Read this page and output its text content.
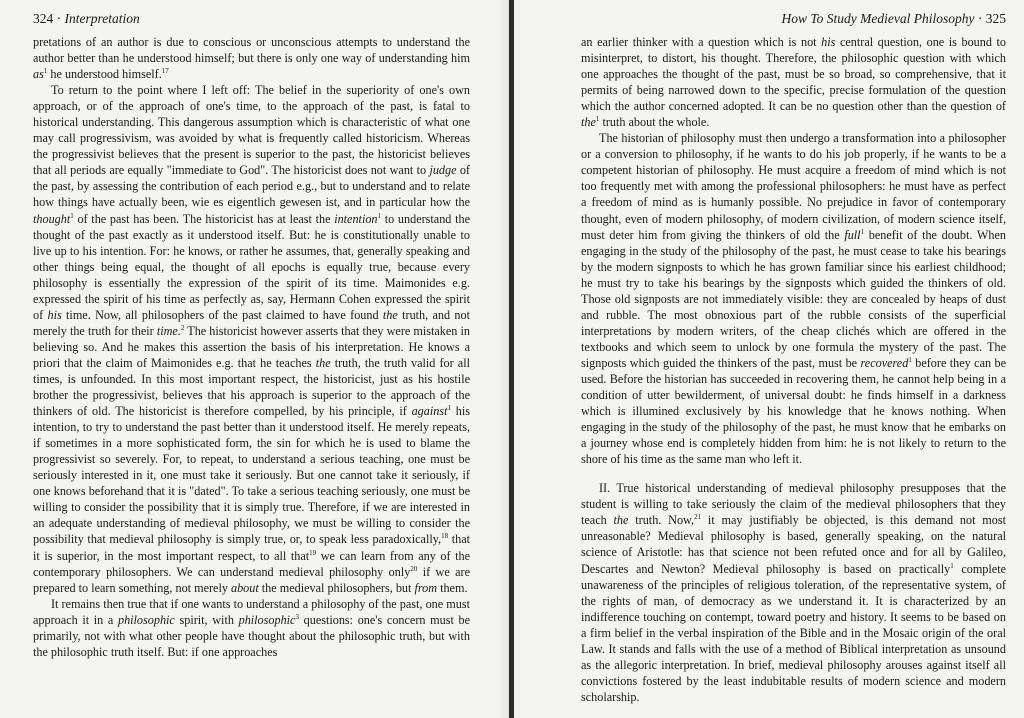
324 · Interpretation

pretations of an author is due to conscious or unconscious attempts to understand the author better than he understood himself; but there is only one way of understanding him $as^1$ he understood himself.$^{17}$

To return to the point where I left off: The belief in the superiority of one's own approach, or of the approach of one's time, to the approach of the past, is fatal to historical understanding. This dangerous assumption which is characteristic of what one may call progressivism, was avoided by what is frequently called historicism. Whereas the progressivist believes that the present is superior to the past, the historicist believes that all periods are equally "immediate to God". The historicist does not want to judge of the past, by assessing the contribution of each period e.g., but to understand and to relate how things have actually been, wie es eigentlich gewesen ist, and in particular how the thought$^1$ of the past has been. The historicist has at least the intention$^1$ to understand the thought of the past exactly as it understood itself. But: he is constitutionally unable to live up to his intention. For: he knows, or rather he assumes, that, generally speaking and other things being equal, the thought of all epochs is equally true, because every philosophy is essentially the expression of the spirit of its time. Maimonides e.g. expressed the spirit of his time as perfectly as, say, Hermann Cohen expressed the spirit of his time. Now, all philosophers of the past claimed to have found the truth, and not merely the truth for their time.$^2$ The historicist however asserts that they were mistaken in believing so. And he makes this assertion the basis of his interpretation. He knows a priori that the claim of Maimonides e.g. that he teaches the truth, the truth valid for all times, is unfounded. In this most important respect, the historicist, just as his hostile brother the progressivist, believes that his approach is superior to the approach of the thinkers of old. The historicist is therefore compelled, by his principle, if against$^1$ his intention, to try to understand the past better than it understood itself. He merely repeats, if sometimes in a more sophisticated form, the sin for which he is used to blame the progressivist so severely. For, to repeat, to understand a serious teaching, one must be seriously interested in it, one must take it seriously. But one cannot take it seriously, if one knows beforehand that it is "dated". To take a serious teaching seriously, one must be willing to consider the possibility that it is simply true. Therefore, if we are interested in an adequate understanding of medieval philosophy, we must be willing to consider the possibility that medieval philosophy is simply true, or, to speak less paradoxically,$^{18}$ that it is superior, in the most important respect, to all that$^{19}$ we can learn from any of the contemporary philosophers. We can understand medieval philosophy only$^{20}$ if we are prepared to learn something, not merely about the medieval philosophers, but from them.

It remains then true that if one wants to understand a philosophy of the past, one must approach it in a philosophic spirit, with philosophic$^3$ questions: one's concern must be primarily, not with what other people have thought about the philosophic truth, but with the philosophic truth itself. But: if one approaches

How To Study Medieval Philosophy · 325

an earlier thinker with a question which is not his central question, one is bound to misinterpret, to distort, his thought. Therefore, the philosophic question with which one approaches the thought of the past, must be so broad, so comprehensive, that it permits of being narrowed down to the specific, precise formulation of the question which the author concerned adopted. It can be no question other than the question of the$^1$ truth about the whole.

The historian of philosophy must then undergo a transformation into a philosopher or a conversion to philosophy, if he wants to do his job properly, if he wants to be a competent historian of philosophy. He must acquire a freedom of mind which is not too frequently met with among the professional philosophers: he must have as perfect a freedom of mind as is humanly possible. No prejudice in favor of contemporary thought, even of modern philosophy, of modern civilization, of modern science itself, must deter him from giving the thinkers of old the full$^1$ benefit of the doubt. When engaging in the study of the philosophy of the past, he must cease to take his bearings by the modern signposts to which he has grown familiar since his earliest childhood; he must try to take his bearings by the signposts which guided the thinkers of old. Those old signposts are not immediately visible: they are concealed by heaps of dust and rubble. The most obnoxious part of the rubble consists of the superficial interpretations by modern writers, of the cheap clichés which are offered in the textbooks and which seem to unlock by one formula the mystery of the past. The signposts which guided the thinkers of the past, must be recovered$^1$ before they can be used. Before the historian has succeeded in recovering them, he cannot help being in a condition of utter bewilderment, of universal doubt: he finds himself in a darkness which is illumined exclusively by his knowledge that he knows nothing. When engaging in the study of the philosophy of the past, he must know that he embarks on a journey whose end is completely hidden from him: he is not likely to return to the shore of his time as the same man who left it.

II. True historical understanding of medieval philosophy presupposes that the student is willing to take seriously the claim of the medieval philosophers that they teach the truth. Now,$^{21}$ it may justifiably be objected, is this demand not most unreasonable? Medieval philosophy is based, generally speaking, on the natural science of Aristotle: has that science not been refuted once and for all by Galileo, Descartes and Newton? Medieval philosophy is based on practically$^1$ complete unawareness of the principles of religious toleration, of the representative system, of the rights of man, of democracy as we understand it. It is characterized by an indifference touching on contempt, toward poetry and history. It seems to be based on a firm belief in the verbal inspiration of the Bible and in the Mosaic origin of the oral Law. It stands and falls with the use of a method of Biblical interpretation as unsound as the allegoric interpretation. In brief, medieval philosophy arouses against itself all convictions fostered by the least indubitable results of modern science and modern scholarship.
